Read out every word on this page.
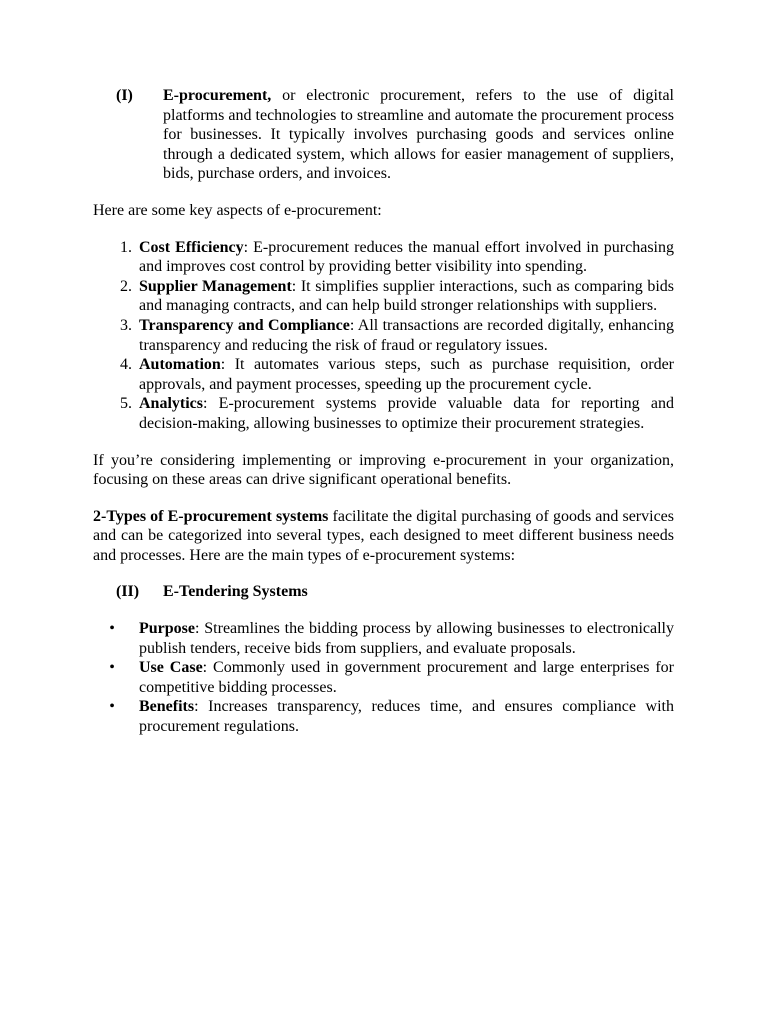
(I)	E-procurement, or electronic procurement, refers to the use of digital platforms and technologies to streamline and automate the procurement process for businesses. It typically involves purchasing goods and services online through a dedicated system, which allows for easier management of suppliers, bids, purchase orders, and invoices.

Here are some key aspects of e-procurement:

1. Cost Efficiency: E-procurement reduces the manual effort involved in purchasing and improves cost control by providing better visibility into spending.

2. Supplier Management: It simplifies supplier interactions, such as comparing bids and managing contracts, and can help build stronger relationships with suppliers.

3. Transparency and Compliance: All transactions are recorded digitally, enhancing transparency and reducing the risk of fraud or regulatory issues.

4. Automation: It automates various steps, such as purchase requisition, order approvals, and payment processes, speeding up the procurement cycle.

5. Analytics: E-procurement systems provide valuable data for reporting and decision-making, allowing businesses to optimize their procurement strategies.

If you’re considering implementing or improving e-procurement in your organization, focusing on these areas can drive significant operational benefits.

2-Types of E-procurement systems facilitate the digital purchasing of goods and services and can be categorized into several types, each designed to meet different business needs and processes. Here are the main types of e-procurement systems:

(II)	E-Tendering Systems

•	Purpose: Streamlines the bidding process by allowing businesses to electronically publish tenders, receive bids from suppliers, and evaluate proposals.

•	Use Case: Commonly used in government procurement and large enterprises for competitive bidding processes.

•	Benefits: Increases transparency, reduces time, and ensures compliance with procurement regulations.
